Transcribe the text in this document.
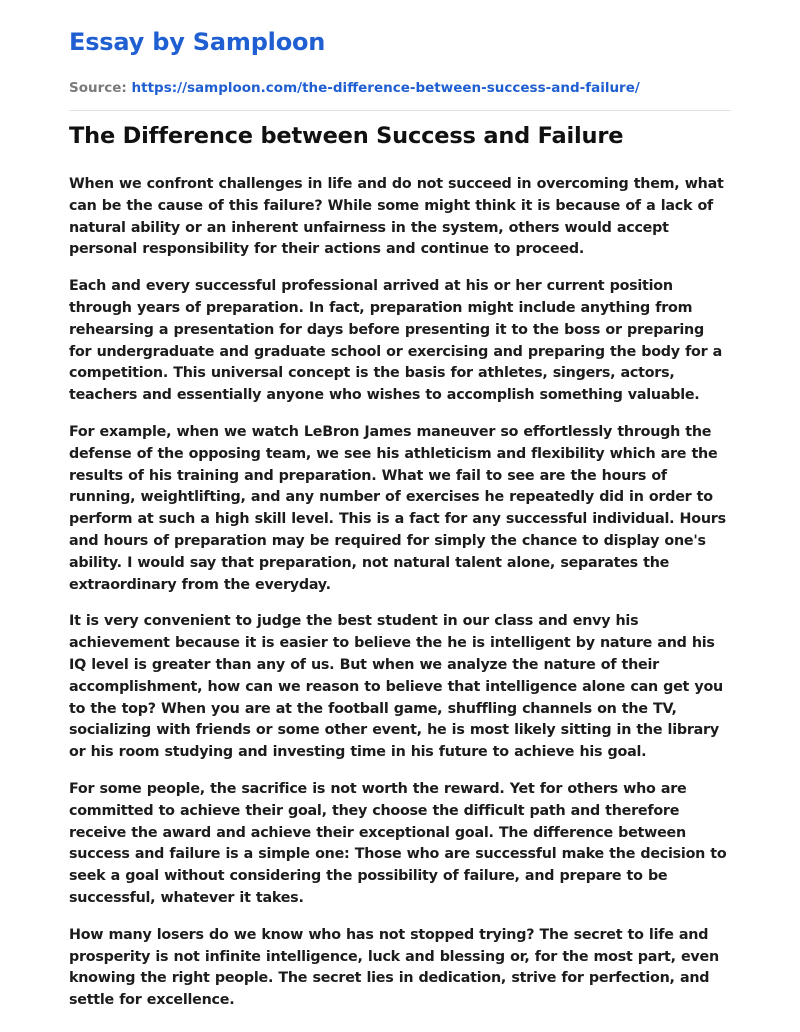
Essay by Samploon
Source: https://samploon.com/the-difference-between-success-and-failure/
The Difference between Success and Failure

When we confront challenges in life and do not succeed in overcoming them, what can be the cause of this failure? While some might think it is because of a lack of natural ability or an inherent unfairness in the system, others would accept personal responsibility for their actions and continue to proceed.

Each and every successful professional arrived at his or her current position through years of preparation. In fact, preparation might include anything from rehearsing a presentation for days before presenting it to the boss or preparing for undergraduate and graduate school or exercising and preparing the body for a competition. This universal concept is the basis for athletes, singers, actors, teachers and essentially anyone who wishes to accomplish something valuable.

For example, when we watch LeBron James maneuver so effortlessly through the defense of the opposing team, we see his athleticism and flexibility which are the results of his training and preparation. What we fail to see are the hours of running, weightlifting, and any number of exercises he repeatedly did in order to perform at such a high skill level. This is a fact for any successful individual. Hours and hours of preparation may be required for simply the chance to display one's ability. I would say that preparation, not natural talent alone, separates the extraordinary from the everyday.

It is very convenient to judge the best student in our class and envy his achievement because it is easier to believe the he is intelligent by nature and his IQ level is greater than any of us. But when we analyze the nature of their accomplishment, how can we reason to believe that intelligence alone can get you to the top? When you are at the football game, shuffling channels on the TV, socializing with friends or some other event, he is most likely sitting in the library or his room studying and investing time in his future to achieve his goal.

For some people, the sacrifice is not worth the reward. Yet for others who are committed to achieve their goal, they choose the difficult path and therefore receive the award and achieve their exceptional goal. The difference between success and failure is a simple one: Those who are successful make the decision to seek a goal without considering the possibility of failure, and prepare to be successful, whatever it takes.

How many losers do we know who has not stopped trying? The secret to life and prosperity is not infinite intelligence, luck and blessing or, for the most part, even knowing the right people. The secret lies in dedication, strive for perfection, and settle for excellence.
